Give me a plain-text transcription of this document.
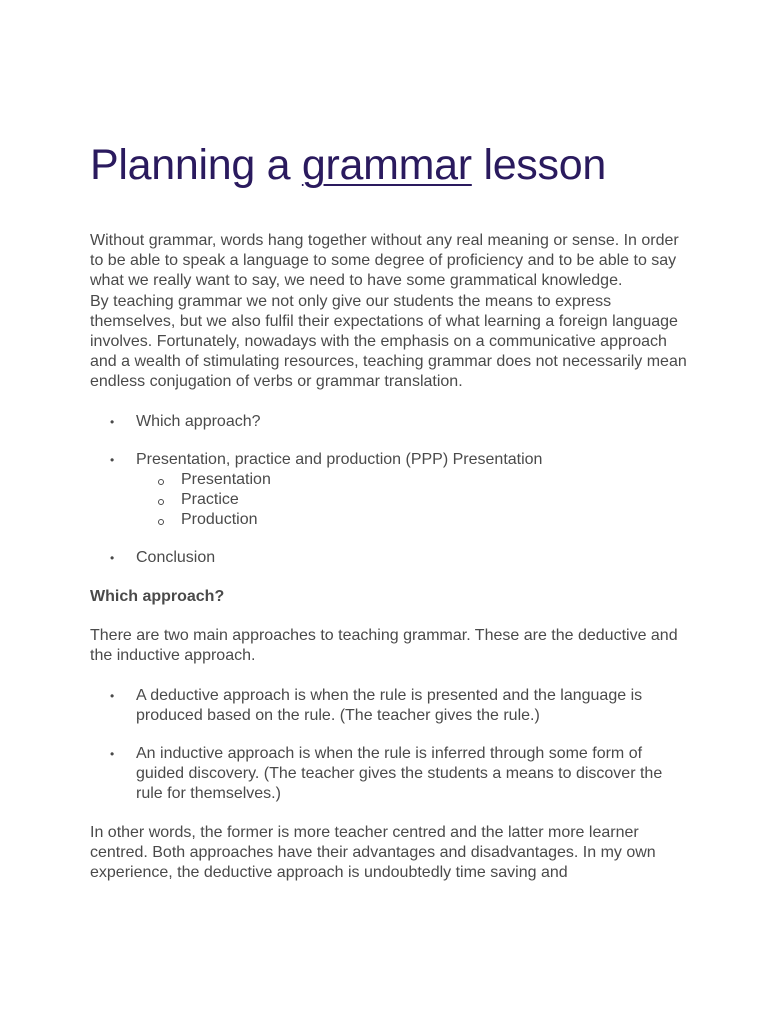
Planning a grammar lesson

Without grammar, words hang together without any real meaning or sense. In order to be able to speak a language to some degree of proficiency and to be able to say what we really want to say, we need to have some grammatical knowledge.

By teaching grammar we not only give our students the means to express themselves, but we also fulfil their expectations of what learning a foreign language involves. Fortunately, nowadays with the emphasis on a communicative approach and a wealth of stimulating resources, teaching grammar does not necessarily mean endless conjugation of verbs or grammar translation.

• Which approach?
• Presentation, practice and production (PPP) Presentation
Presentation
Practice
Production
• Conclusion

Which approach?

There are two main approaches to teaching grammar. These are the deductive and the inductive approach.

• A deductive approach is when the rule is presented and the language is produced based on the rule. (The teacher gives the rule.)
• An inductive approach is when the rule is inferred through some form of guided discovery. (The teacher gives the students a means to discover the rule for themselves.)

In other words, the former is more teacher centred and the latter more learner centred. Both approaches have their advantages and disadvantages. In my own experience, the deductive approach is undoubtedly time saving and
